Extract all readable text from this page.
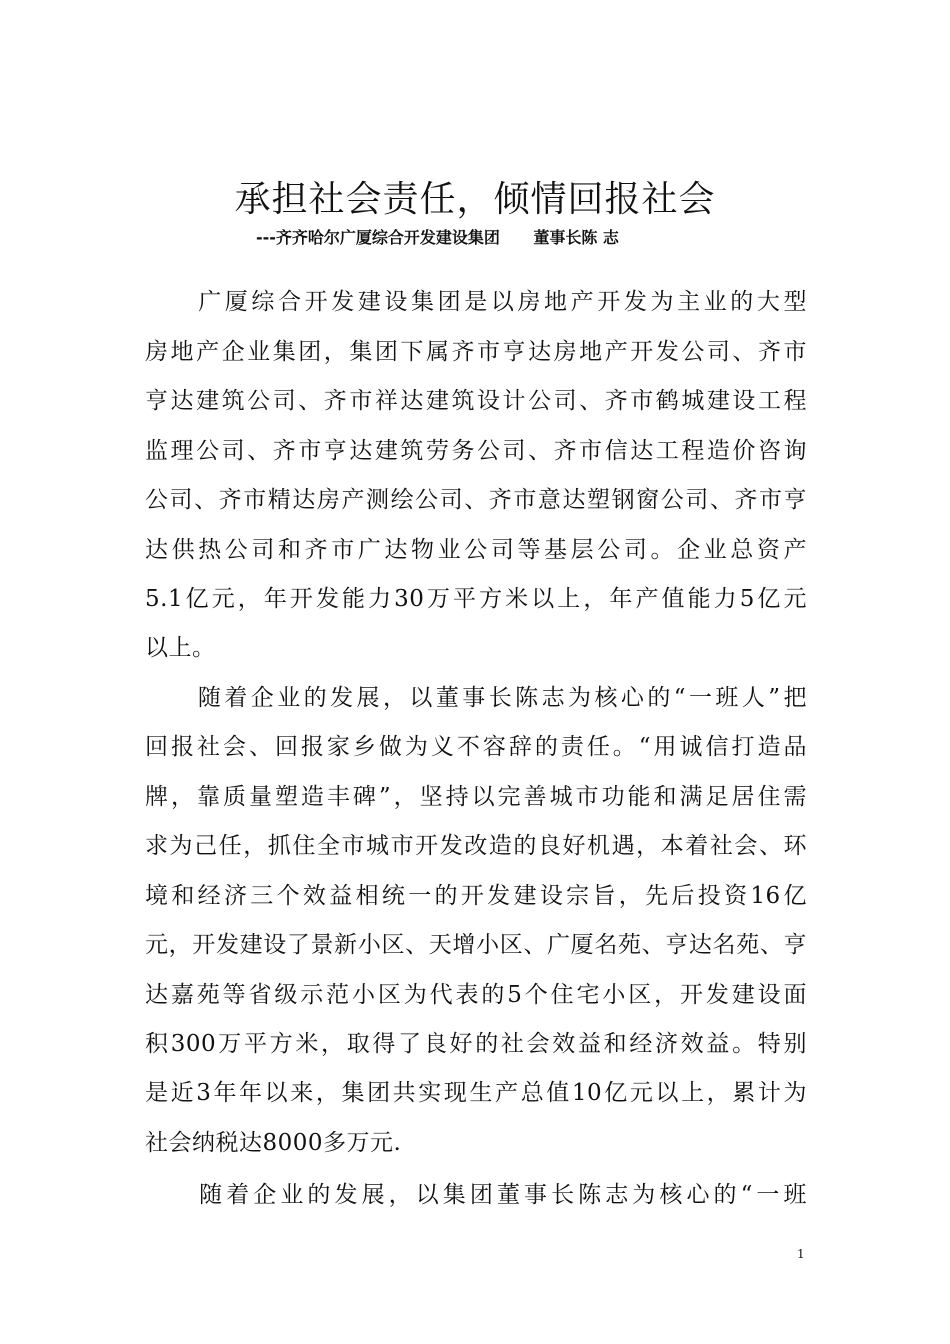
承担社会责任，倾情回报社会
---齐齐哈尔广厦综合开发建设集团      董事长陈 志
　　广厦综合开发建设集团是以房地产开发为主业的大型
房地产企业集团，集团下属齐市亨达房地产开发公司、齐市
亨达建筑公司、齐市祥达建筑设计公司、齐市鹤城建设工程
监理公司、齐市亨达建筑劳务公司、齐市信达工程造价咨询
公司、齐市精达房产测绘公司、齐市意达塑钢窗公司、齐市亨
达供热公司和齐市广达物业公司等基层公司。企业总资产
5.1亿元，年开发能力30万平方米以上，年产值能力5亿元
以上。
　　随着企业的发展，以董事长陈志为核心的“一班人”把
回报社会、回报家乡做为义不容辞的责任。“用诚信打造品
牌，靠质量塑造丰碑”，坚持以完善城市功能和满足居住需
求为己任，抓住全市城市开发改造的良好机遇，本着社会、环
境和经济三个效益相统一的开发建设宗旨，先后投资16亿
元，开发建设了景新小区、天增小区、广厦名苑、亨达名苑、亨
达嘉苑等省级示范小区为代表的5个住宅小区，开发建设面
积300万平方米，取得了良好的社会效益和经济效益。特别
是近3年年以来，集团共实现生产总值10亿元以上，累计为
社会纳税达8000多万元.
　　随着企业的发展，以集团董事长陈志为核心的“一班
1
